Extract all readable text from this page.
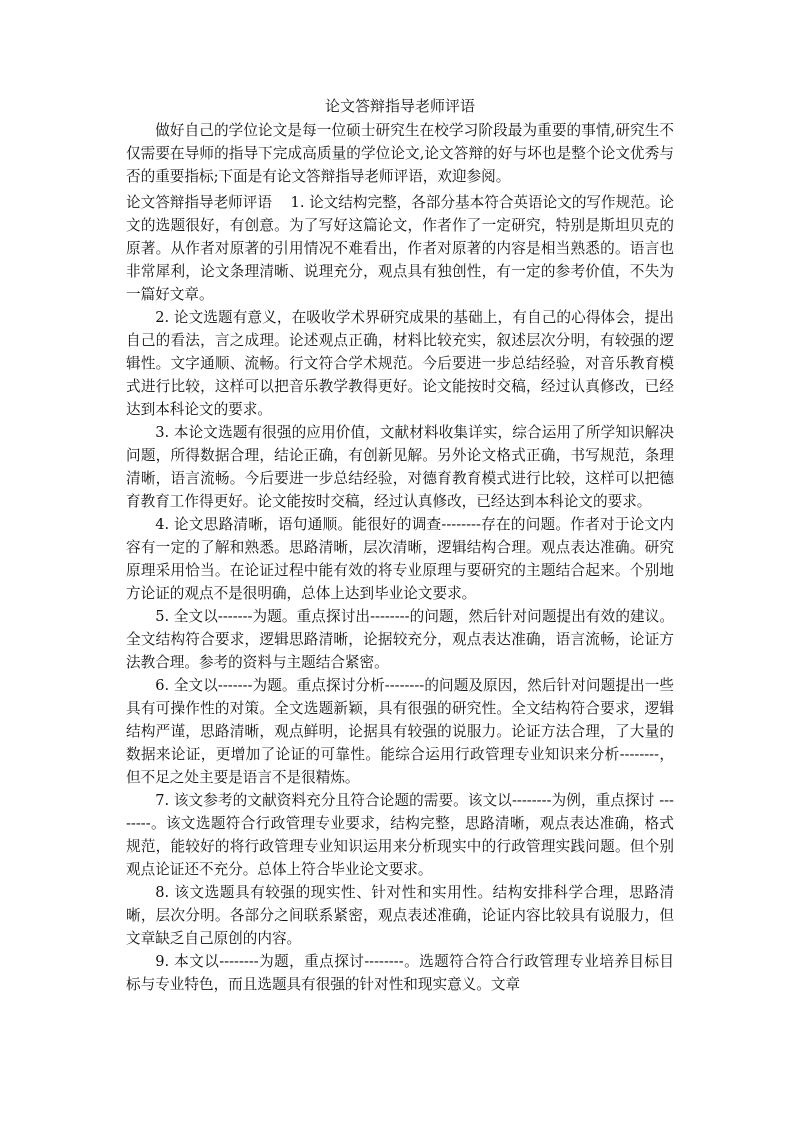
论文答辩指导老师评语

做好自己的学位论文是每一位硕士研究生在校学习阶段最为重要的事情,研究生不仅需要在导师的指导下完成高质量的学位论文,论文答辩的好与坏也是整个论文优秀与否的重要指标;下面是有论文答辩指导老师评语，欢迎参阅。

论文答辩指导老师评语    1. 论文结构完整，各部分基本符合英语论文的写作规范。论文的选题很好，有创意。为了写好这篇论文，作者作了一定研究，特别是斯坦贝克的原著。从作者对原著的引用情况不难看出，作者对原著的内容是相当熟悉的。语言也非常犀利，论文条理清晰、说理充分，观点具有独创性，有一定的参考价值，不失为一篇好文章。

2. 论文选题有意义，在吸收学术界研究成果的基础上，有自己的心得体会，提出自己的看法，言之成理。论述观点正确，材料比较充实，叙述层次分明，有较强的逻辑性。文字通顺、流畅。行文符合学术规范。今后要进一步总结经验，对音乐教育模式进行比较，这样可以把音乐教学教得更好。论文能按时交稿，经过认真修改，已经达到本科论文的要求。

3. 本论文选题有很强的应用价值，文献材料收集详实，综合运用了所学知识解决问题，所得数据合理，结论正确，有创新见解。另外论文格式正确，书写规范，条理清晰，语言流畅。今后要进一步总结经验，对德育教育模式进行比较，这样可以把德育教育工作得更好。论文能按时交稿，经过认真修改，已经达到本科论文的要求。

4. 论文思路清晰，语句通顺。能很好的调查--------存在的问题。作者对于论文内容有一定的了解和熟悉。思路清晰，层次清晰，逻辑结构合理。观点表达准确。研究原理采用恰当。在论证过程中能有效的将专业原理与要研究的主题结合起来。个别地方论证的观点不是很明确，总体上达到毕业论文要求。

5. 全文以-------为题。重点探讨出--------的问题，然后针对问题提出有效的建议。全文结构符合要求，逻辑思路清晰，论据较充分，观点表达准确，语言流畅，论证方法教合理。参考的资料与主题结合紧密。

6. 全文以-------为题。重点探讨分析--------的问题及原因，然后针对问题提出一些具有可操作性的对策。全文选题新颖，具有很强的研究性。全文结构符合要求，逻辑结构严谨，思路清晰，观点鲜明，论据具有较强的说服力。论证方法合理，了大量的数据来论证，更增加了论证的可靠性。能综合运用行政管理专业知识来分析--------，但不足之处主要是语言不是很精炼。

7. 该文参考的文献资料充分且符合论题的需要。该文以--------为例，重点探讨 --------。该文选题符合行政管理专业要求，结构完整，思路清晰，观点表达准确，格式规范，能较好的将行政管理专业知识运用来分析现实中的行政管理实践问题。但个别观点论证还不充分。总体上符合毕业论文要求。

8. 该文选题具有较强的现实性、针对性和实用性。结构安排科学合理，思路清晰，层次分明。各部分之间联系紧密，观点表述准确，论证内容比较具有说服力，但文章缺乏自己原创的内容。

9. 本文以--------为题，重点探讨--------。选题符合符合行政管理专业培养目标目标与专业特色，而且选题具有很强的针对性和现实意义。文章
